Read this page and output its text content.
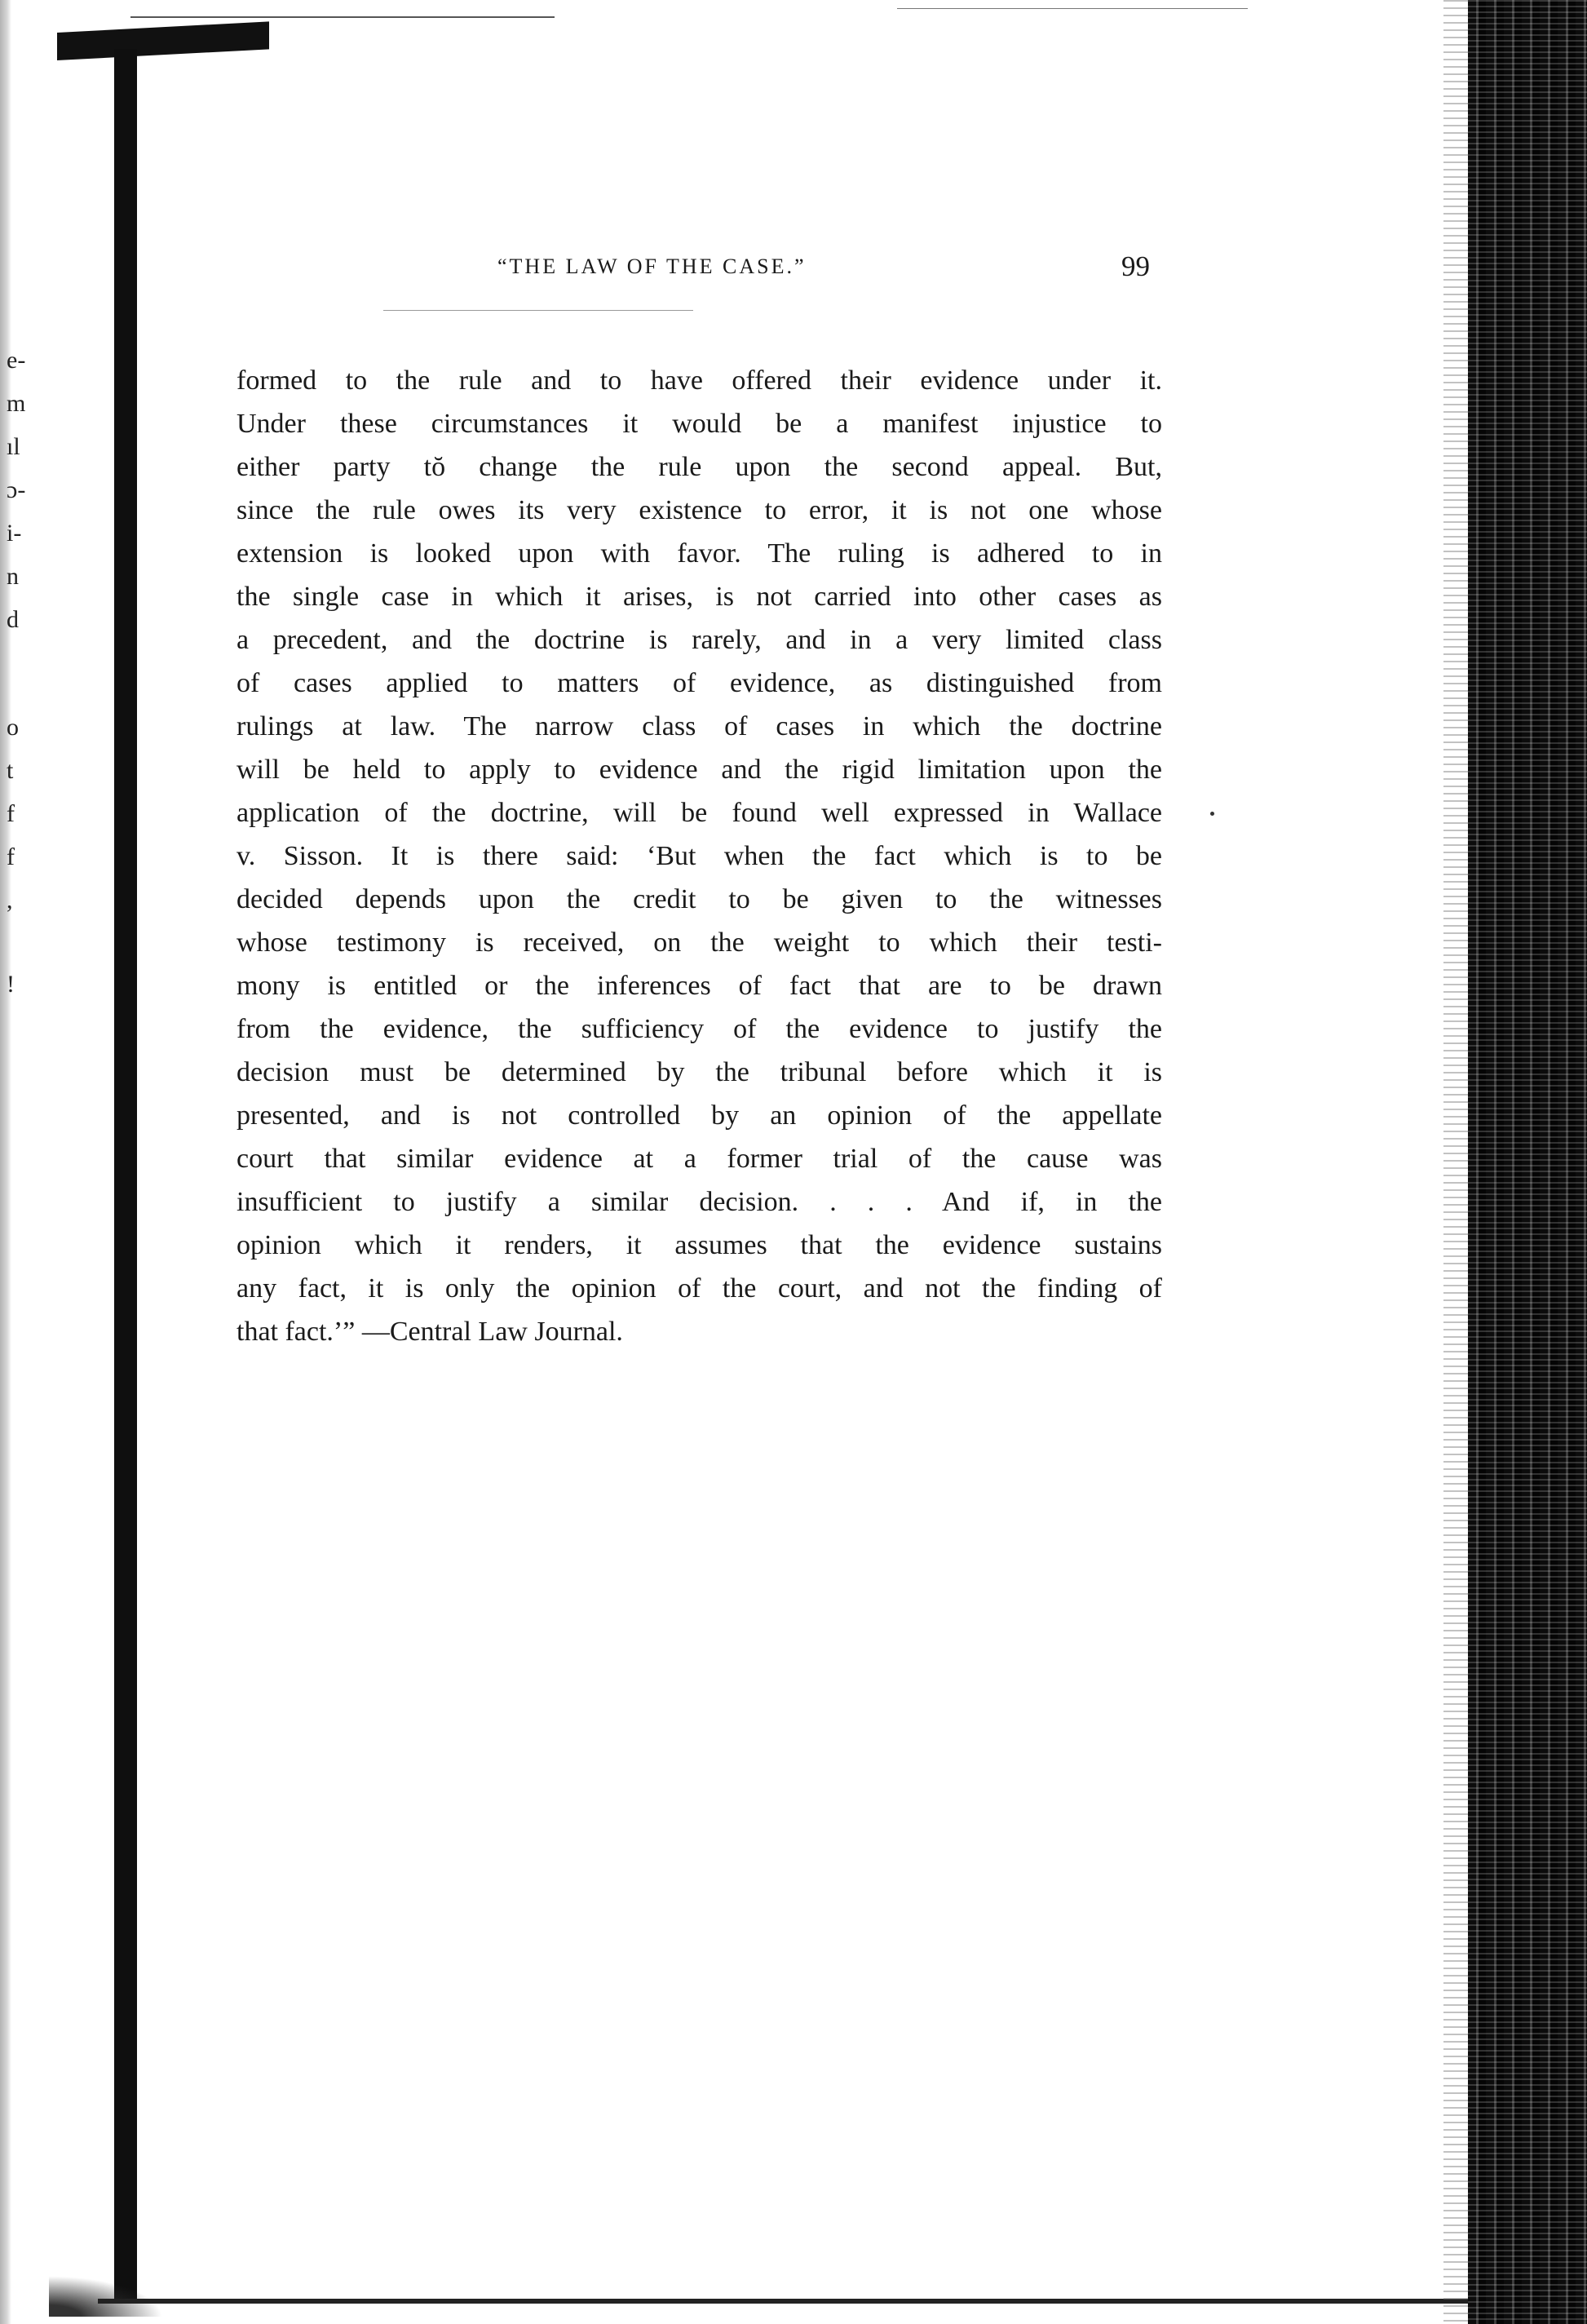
e-
m
ıl
ɔ-
i-
n
d
o
t
f
f
,
!
“THE LAW OF THE CASE.”	99
formed to the rule and to have offered their evidence under it.
Under these circumstances it would be a manifest injustice to
either party tŏ change the rule upon the second appeal. But,
since the rule owes its very existence to error, it is not one whose
extension is looked upon with favor. The ruling is adhered to in
the single case in which it arises, is not carried into other cases as
a precedent, and the doctrine is rarely, and in a very limited class
of cases applied to matters of evidence, as distinguished from
rulings at law. The narrow class of cases in which the doctrine
will be held to apply to evidence and the rigid limitation upon the
application of the doctrine, will be found well expressed in Wallace
v. Sisson. It is there said: ‘But when the fact which is to be
decided depends upon the credit to be given to the witnesses
whose testimony is received, on the weight to which their testi-
mony is entitled or the inferences of fact that are to be drawn
from the evidence, the sufficiency of the evidence to justify the
decision must be determined by the tribunal before which it is
presented, and is not controlled by an opinion of the appellate
court that similar evidence at a former trial of the cause was
insufficient to justify a similar decision. . . . And if, in the
opinion which it renders, it assumes that the evidence sustains
any fact, it is only the opinion of the court, and not the finding of
that fact.’” —Central Law Journal.
